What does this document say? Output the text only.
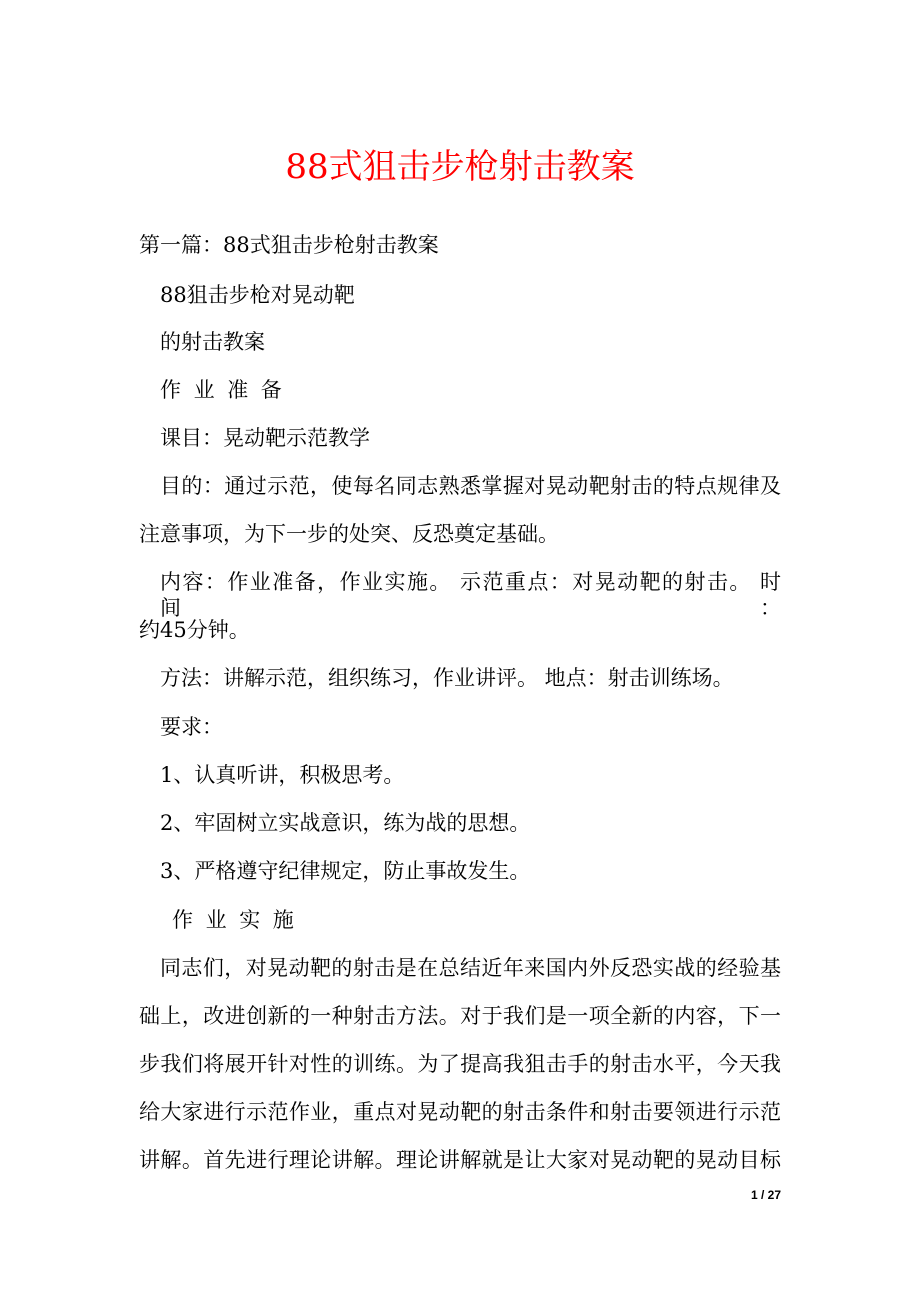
88式狙击步枪射击教案
第一篇：88式狙击步枪射击教案
88狙击步枪对晃动靶
的射击教案
作业准备
课目：晃动靶示范教学
目的：通过示范，使每名同志熟悉掌握对晃动靶射击的特点规律及
注意事项，为下一步的处突、反恐奠定基础。
内容：作业准备，作业实施。 示范重点：对晃动靶的射击。 时间：
约45分钟。
方法：讲解示范，组织练习，作业讲评。 地点：射击训练场。
要求：
1、认真听讲，积极思考。
2、牢固树立实战意识，练为战的思想。
3、严格遵守纪律规定，防止事故发生。
作业实施
同志们，对晃动靶的射击是在总结近年来国内外反恐实战的经验基
础上，改进创新的一种射击方法。对于我们是一项全新的内容，下一
步我们将展开针对性的训练。为了提高我狙击手的射击水平，今天我
给大家进行示范作业，重点对晃动靶的射击条件和射击要领进行示范
讲解。首先进行理论讲解。理论讲解就是让大家对晃动靶的晃动目标
1 / 27
